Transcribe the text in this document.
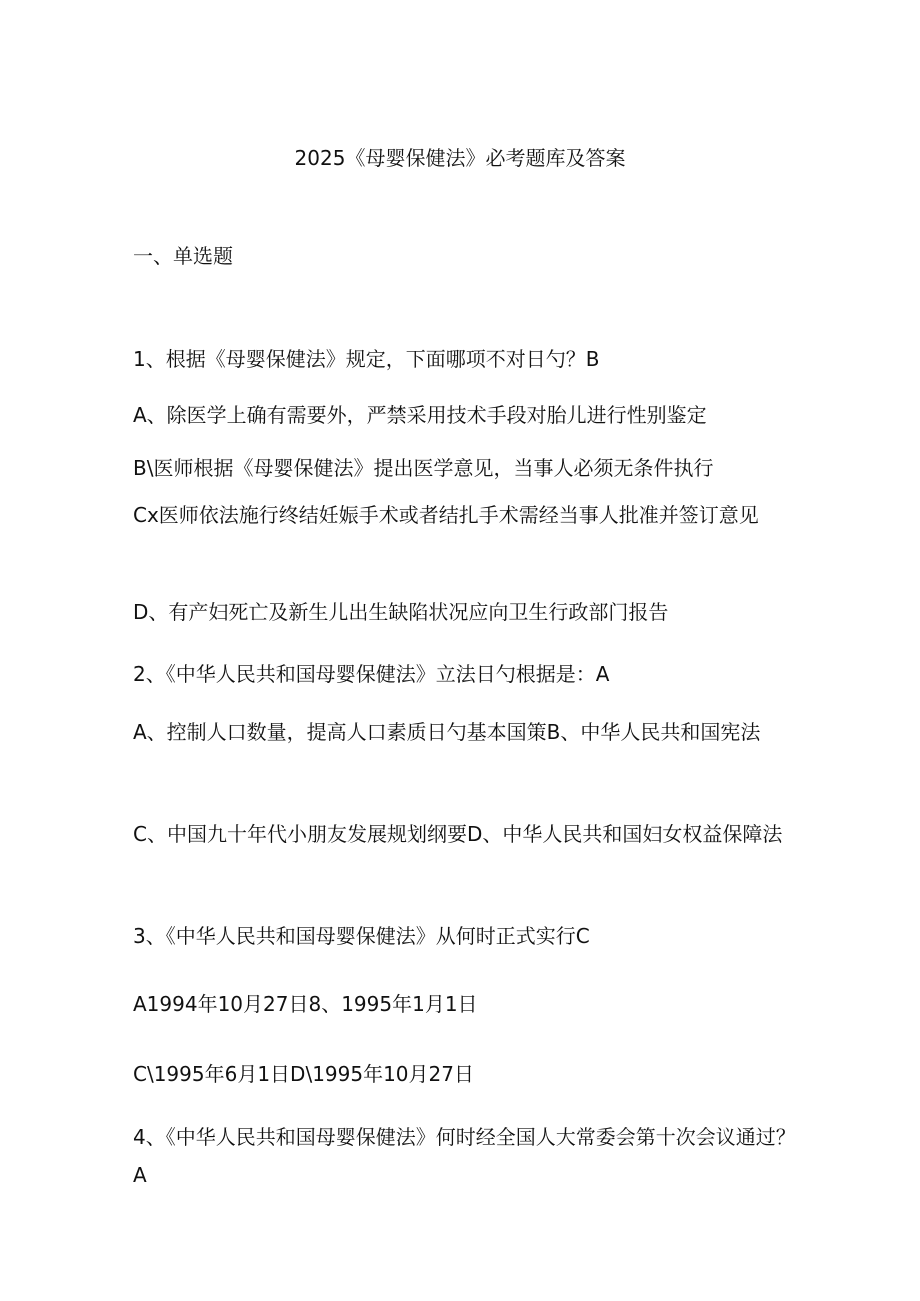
2025《母婴保健法》必考题库及答案
一、单选题
1、根据《母婴保健法》规定，下面哪项不对日勺？B
A、除医学上确有需要外，严禁采用技术手段对胎儿进行性别鉴定
B\医师根据《母婴保健法》提出医学意见，当事人必须无条件执行
Cx医师依法施行终结妊娠手术或者结扎手术需经当事人批准并签订意见
D、有产妇死亡及新生儿出生缺陷状况应向卫生行政部门报告
2、《中华人民共和国母婴保健法》立法日勺根据是：A
A、控制人口数量，提高人口素质日勺基本国策B、中华人民共和国宪法
C、中国九十年代小朋友发展规划纲要D、中华人民共和国妇女权益保障法
3、《中华人民共和国母婴保健法》从何时正式实行C
A1994年10月27日8、1995年1月1日
C\1995年6月1日D\1995年10月27日
4、《中华人民共和国母婴保健法》何时经全国人大常委会第十次会议通过？A
